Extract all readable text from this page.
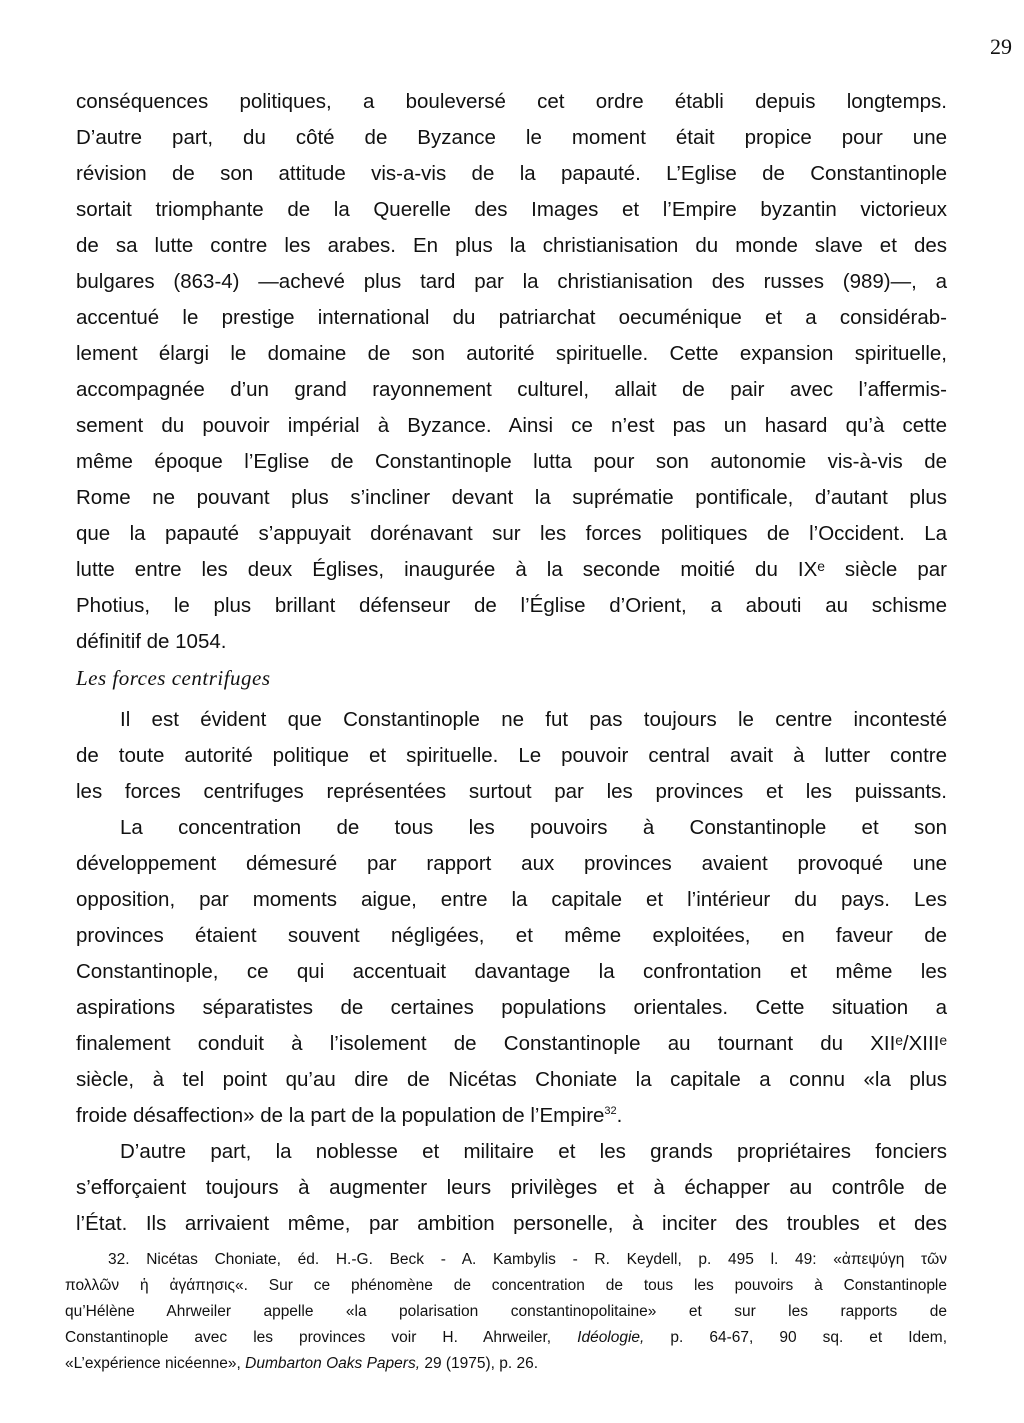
29
conséquences politiques, a bouleversé cet ordre établi depuis longtemps.
D’autre part, du côté de Byzance le moment était propice pour une
révision de son attitude vis-a-vis de la papauté. L’Eglise de Constantinople
sortait triomphante de la Querelle des Images et l’Empire byzantin victorieux
de sa lutte contre les arabes. En plus la christianisation du monde slave et des
bulgares (863-4) —achevé plus tard par la christianisation des russes (989)—, a
accentué le prestige international du patriarchat oecuménique et a considérab-
lement élargi le domaine de son autorité spirituelle. Cette expansion spirituelle,
accompagnée d’un grand rayonnement culturel, allait de pair avec l’affermis-
sement du pouvoir impérial à Byzance. Ainsi ce n’est pas un hasard qu’à cette
même époque l’Eglise de Constantinople lutta pour son autonomie vis-à-vis de
Rome ne pouvant plus s’incliner devant la suprématie pontificale, d’autant plus
que la papauté s’appuyait dorénavant sur les forces politiques de l’Occident. La
lutte entre les deux Églises, inaugurée à la seconde moitié du IXᵉ siècle par
Photius, le plus brillant défenseur de l’Église d’Orient, a abouti au schisme
définitif de 1054.
Les forces centrifuges
Il est évident que Constantinople ne fut pas toujours le centre incontesté
de toute autorité politique et spirituelle. Le pouvoir central avait à lutter contre
les forces centrifuges représentées surtout par les provinces et les puissants.
La concentration de tous les pouvoirs à Constantinople et son
développement démesuré par rapport aux provinces avaient provoqué une
opposition, par moments aigue, entre la capitale et l’intérieur du pays. Les
provinces étaient souvent négligées, et même exploitées, en faveur de
Constantinople, ce qui accentuait davantage la confrontation et même les
aspirations séparatistes de certaines populations orientales. Cette situation a
finalement conduit à l’isolement de Constantinople au tournant du XIIᵉ/XIIIᵉ
siècle, à tel point qu’au dire de Nicétas Choniate la capitale a connu «la plus
froide désaffection» de la part de la population de l’Empire$^{32}$.
D’autre part, la noblesse et militaire et les grands propriétaires fonciers
s’efforçaient toujours à augmenter leurs privilèges et à échapper au contrôle de
l’État. Ils arrivaient même, par ambition personelle, à inciter des troubles et des
32. Nicétas Choniate, éd. H.-G. Beck - A. Kambylis - R. Keydell, p. 495 l. 49: «ἀπεψύγη τῶν
πολλῶν ἡ ἀγάπησις«. Sur ce phénomène de concentration de tous les pouvoirs à Constantinople
qu’Hélène Ahrweiler appelle «la polarisation constantinopolitaine» et sur les rapports de
Constantinople avec les provinces voir H. Ahrweiler, Idéologie, p. 64-67, 90 sq. et Idem,
«L’expérience nicéenne», Dumbarton Oaks Papers, 29 (1975), p. 26.
